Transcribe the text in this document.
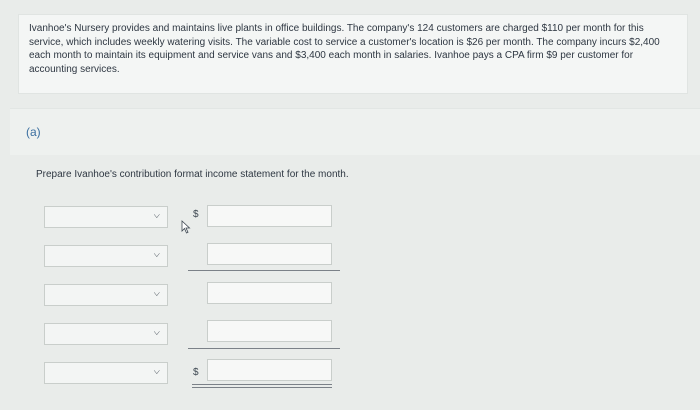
Ivanhoe's Nursery provides and maintains live plants in office buildings. The company's 124 customers are charged $110 per month for this service, which includes weekly watering visits. The variable cost to service a customer's location is $26 per month. The company incurs $2,400 each month to maintain its equipment and service vans and $3,400 each month in salaries. Ivanhoe pays a CPA firm $9 per customer for accounting services.
(a)
Prepare Ivanhoe's contribution format income statement for the month.
⌵	$
⌵
⌵
⌵
⌵	$
